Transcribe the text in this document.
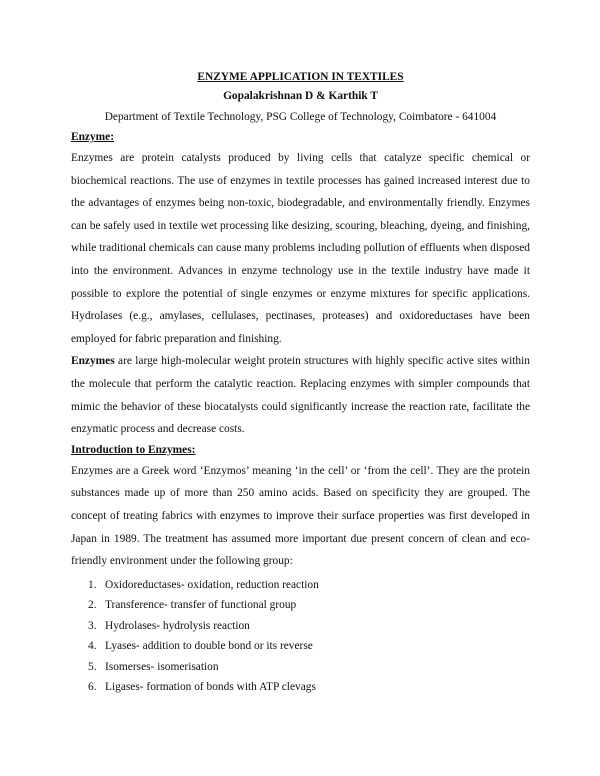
ENZYME APPLICATION IN TEXTILES

Gopalakrishnan D & Karthik T

Department of Textile Technology, PSG College of Technology, Coimbatore - 641004

Enzyme:

Enzymes are protein catalysts produced by living cells that catalyze specific chemical or biochemical reactions. The use of enzymes in textile processes has gained increased interest due to the advantages of enzymes being non-toxic, biodegradable, and environmentally friendly. Enzymes can be safely used in textile wet processing like desizing, scouring, bleaching, dyeing, and finishing, while traditional chemicals can cause many problems including pollution of effluents when disposed into the environment. Advances in enzyme technology use in the textile industry have made it possible to explore the potential of single enzymes or enzyme mixtures for specific applications. Hydrolases (e.g., amylases, cellulases, pectinases, proteases) and oxidoreductases have been employed for fabric preparation and finishing.

Enzymes are large high-molecular weight protein structures with highly specific active sites within the molecule that perform the catalytic reaction. Replacing enzymes with simpler compounds that mimic the behavior of these biocatalysts could significantly increase the reaction rate, facilitate the enzymatic process and decrease costs.

Introduction to Enzymes:

Enzymes are a Greek word ‘Enzymos’ meaning ‘in the cell’ or ‘from the cell’. They are the protein substances made up of more than 250 amino acids. Based on specificity they are grouped. The concept of treating fabrics with enzymes to improve their surface properties was first developed in Japan in 1989. The treatment has assumed more important due present concern of clean and eco-friendly environment under the following group:

1. Oxidoreductases- oxidation, reduction reaction
2. Transference- transfer of functional group
3. Hydrolases- hydrolysis reaction
4. Lyases- addition to double bond or its reverse
5. Isomerses- isomerisation
6. Ligases- formation of bonds with ATP clevags
